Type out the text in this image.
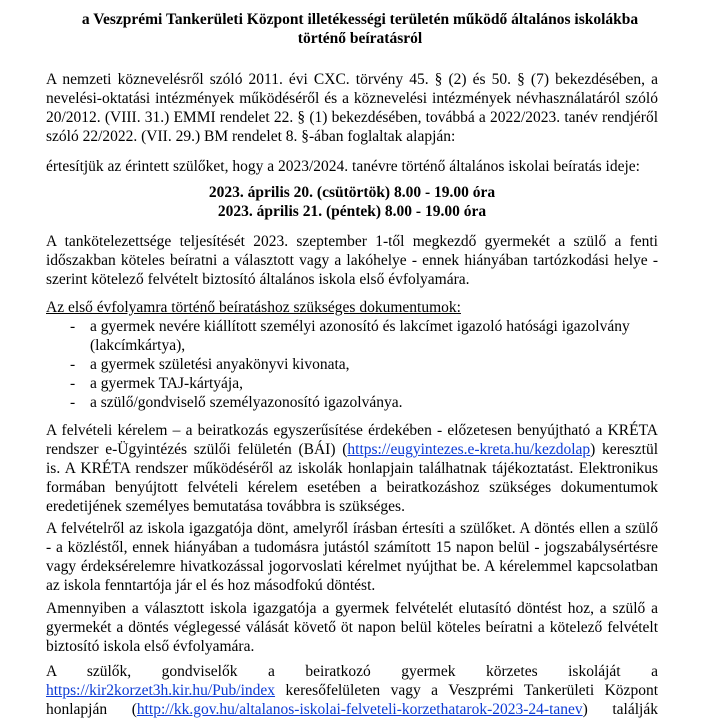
a Veszprémi Tankerületi Központ illetékességi területén működő általános iskolákba
történő beíratásról
A nemzeti köznevelésről szóló 2011. évi CXC. törvény 45. § (2) és 50. § (7) bekezdésében, a
nevelési-oktatási intézmények működéséről és a köznevelési intézmények névhasználatáról szóló
20/2012. (VIII. 31.) EMMI rendelet 22. § (1) bekezdésében, továbbá a 2022/2023. tanév rendjéről
szóló 22/2022. (VII. 29.) BM rendelet 8. §-ában foglaltak alapján:
értesítjük az érintett szülőket, hogy a 2023/2024. tanévre történő általános iskolai beíratás ideje:
2023. április 20. (csütörtök) 8.00 - 19.00 óra
2023. április 21. (péntek) 8.00 - 19.00 óra
A tankötelezettsége teljesítését 2023. szeptember 1-től megkezdő gyermekét a szülő a fenti
időszakban köteles beíratni a választott vagy a lakóhelye - ennek hiányában tartózkodási helye -
szerint kötelező felvételt biztosító általános iskola első évfolyamára.
Az első évfolyamra történő beíratáshoz szükséges dokumentumok:
- a gyermek nevére kiállított személyi azonosító és lakcímet igazoló hatósági igazolvány
(lakcímkártya),
- a gyermek születési anyakönyvi kivonata,
- a gyermek TAJ-kártyája,
- a szülő/gondviselő személyazonosító igazolványa.
A felvételi kérelem – a beiratkozás egyszerűsítése érdekében - előzetesen benyújtható a KRÉTA
rendszer e-Ügyintézés szülői felületén (BÁI) (https://eugyintezes.e-kreta.hu/kezdolap) keresztül
is. A KRÉTA rendszer működéséről az iskolák honlapjain találhatnak tájékoztatást. Elektronikus
formában benyújtott felvételi kérelem esetében a beiratkozáshoz szükséges dokumentumok
eredetijének személyes bemutatása továbbra is szükséges.
A felvételről az iskola igazgatója dönt, amelyről írásban értesíti a szülőket. A döntés ellen a szülő
- a közléstől, ennek hiányában a tudomásra jutástól számított 15 napon belül - jogszabálysértésre
vagy érdeksérelemre hivatkozással jogorvoslati kérelmet nyújthat be. A kérelemmel kapcsolatban
az iskola fenntartója jár el és hoz másodfokú döntést.
Amennyiben a választott iskola igazgatója a gyermek felvételét elutasító döntést hoz, a szülő a
gyermekét a döntés véglegessé válását követő öt napon belül köteles beíratni a kötelező felvételt
biztosító iskola első évfolyamára.
A szülők, gondviselők a beiratkozó gyermek körzetes iskoláját a
https://kir2korzet3h.kir.hu/Pub/index keresőfelületen vagy a Veszprémi Tankerületi Központ
honlapján (http://kk.gov.hu/altalanos-iskolai-felveteli-korzethatarok-2023-24-tanev) találják
